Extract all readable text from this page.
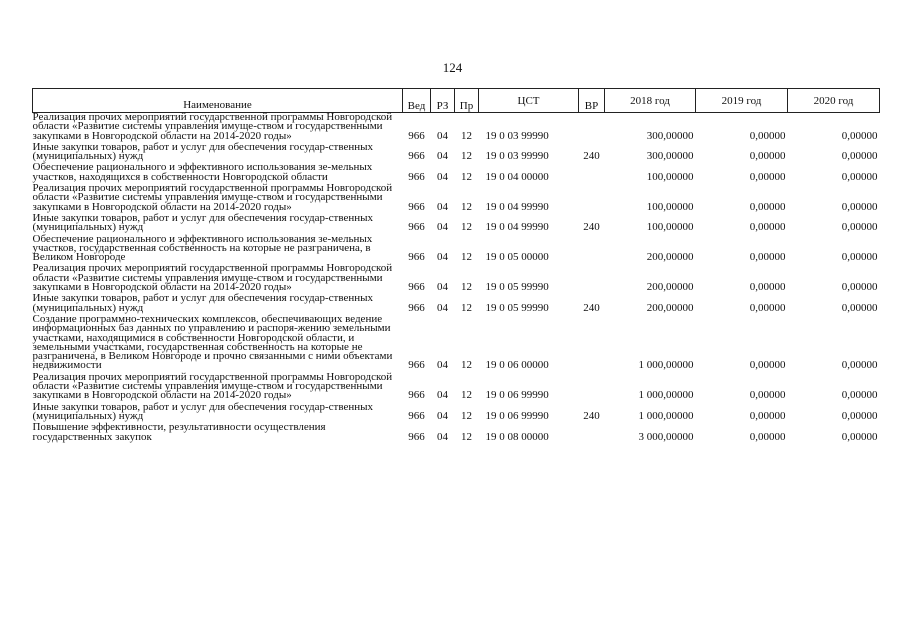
124
Наименование	Вед	РЗ	Пр	ЦСТ	ВР	2018 год	2019 год	2020 год
Реализация прочих мероприятий государственной программы Новгородской области «Развитие системы управления имуще-ством и государственными закупками в Новгородской области на 2014-2020 годы»	966	04	12	19 0 03 99990		300,00000	0,00000	0,00000
Иные закупки товаров, работ и услуг для обеспечения государ-ственных (муниципальных) нужд	966	04	12	19 0 03 99990	240	300,00000	0,00000	0,00000
Обеспечение рационального и эффективного использования зе-мельных участков, находящихся в собственности Новгородской области	966	04	12	19 0 04 00000		100,00000	0,00000	0,00000
Реализация прочих мероприятий государственной программы Новгородской области «Развитие системы управления имуще-ством и государственными закупками в Новгородской области на 2014-2020 годы»	966	04	12	19 0 04 99990		100,00000	0,00000	0,00000
Иные закупки товаров, работ и услуг для обеспечения государ-ственных (муниципальных) нужд	966	04	12	19 0 04 99990	240	100,00000	0,00000	0,00000
Обеспечение рационального и эффективного использования зе-мельных участков, государственная собственность на которые не разграничена, в Великом Новгороде	966	04	12	19 0 05 00000		200,00000	0,00000	0,00000
Реализация прочих мероприятий государственной программы Новгородской области «Развитие системы управления имуще-ством и государственными закупками в Новгородской области на 2014-2020 годы»	966	04	12	19 0 05 99990		200,00000	0,00000	0,00000
Иные закупки товаров, работ и услуг для обеспечения государ-ственных (муниципальных) нужд	966	04	12	19 0 05 99990	240	200,00000	0,00000	0,00000
Создание программно-технических комплексов, обеспечивающих ведение информационных баз данных по управлению и распоря-жению земельными участками, находящимися в собственности Новгородской области, и земельными участками, государственная собственность на которые не разграничена, в Великом Новгороде и прочно связанными с ними объектами недвижимости	966	04	12	19 0 06 00000		1 000,00000	0,00000	0,00000
Реализация прочих мероприятий государственной программы Новгородской области «Развитие системы управления имуще-ством и государственными закупками в Новгородской области на 2014-2020 годы»	966	04	12	19 0 06 99990		1 000,00000	0,00000	0,00000
Иные закупки товаров, работ и услуг для обеспечения государ-ственных (муниципальных) нужд	966	04	12	19 0 06 99990	240	1 000,00000	0,00000	0,00000
Повышение эффективности, результативности осуществления государственных закупок	966	04	12	19 0 08 00000		3 000,00000	0,00000	0,00000
